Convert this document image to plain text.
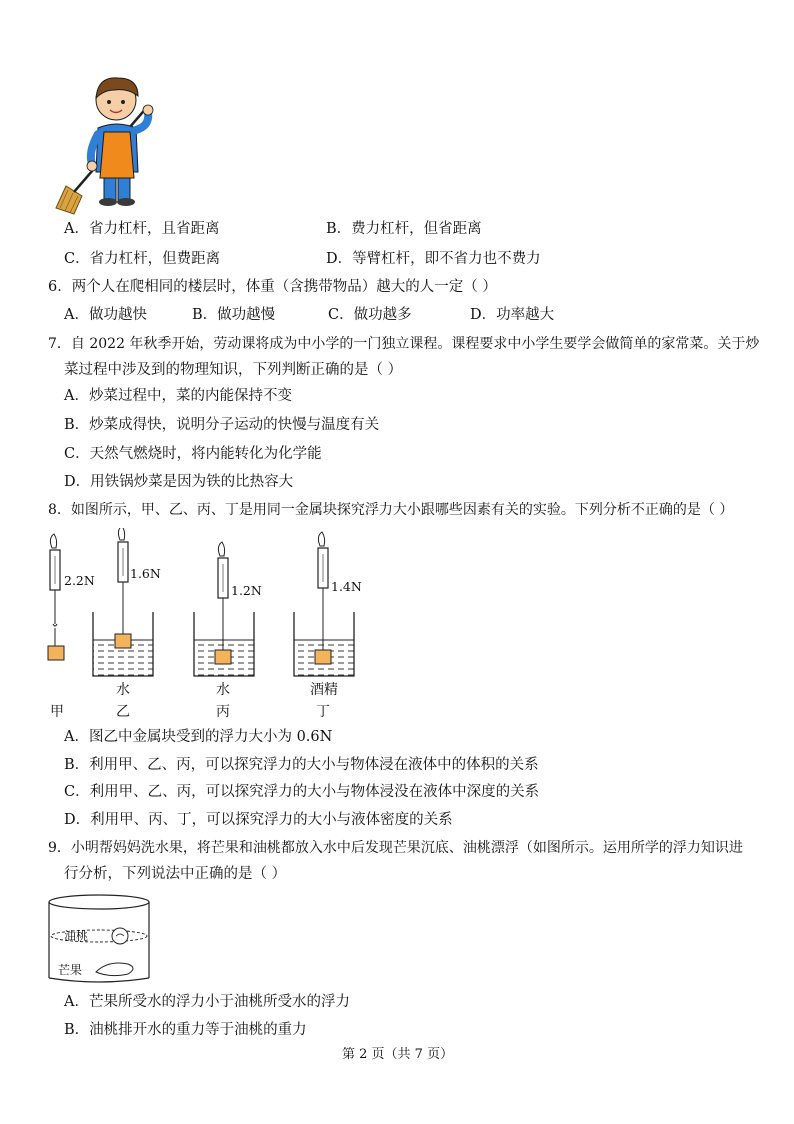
A．省力杠杆，且省距离	B．费力杠杆，但省距离
C．省力杠杆，但费距离	D．等臂杠杆，即不省力也不费力
6．两个人在爬相同的楼层时，体重（含携带物品）越大的人一定（ ）
A．做功越快	B．做功越慢	C．做功越多	D．功率越大
7．自 2022 年秋季开始，劳动课将成为中小学的一门独立课程。课程要求中小学生要学会做简单的家常菜。关于炒
菜过程中涉及到的物理知识，下列判断正确的是（ ）
A．炒菜过程中，菜的内能保持不变
B．炒菜成得快，说明分子运动的快慢与温度有关
C．天然气燃烧时，将内能转化为化学能
D．用铁锅炒菜是因为铁的比热容大
8．如图所示，甲、乙、丙、丁是用同一金属块探究浮力大小跟哪些因素有关的实验。下列分析不正确的是（ ）
2.2N
甲
1.6N
水
乙
1.2N
水
丙
1.4N
酒精
丁
A．图乙中金属块受到的浮力大小为 0.6N
B．利用甲、乙、丙，可以探究浮力的大小与物体浸在液体中的体积的关系
C．利用甲、乙、丙，可以探究浮力的大小与物体浸没在液体中深度的关系
D．利用甲、丙、丁，可以探究浮力的大小与液体密度的关系
9．小明帮妈妈洗水果，将芒果和油桃都放入水中后发现芒果沉底、油桃漂浮（如图所示。运用所学的浮力知识进
行分析，下列说法中正确的是（ ）
油桃
芒果
A．芒果所受水的浮力小于油桃所受水的浮力
B．油桃排开水的重力等于油桃的重力
第 2 页（共 7 页）
